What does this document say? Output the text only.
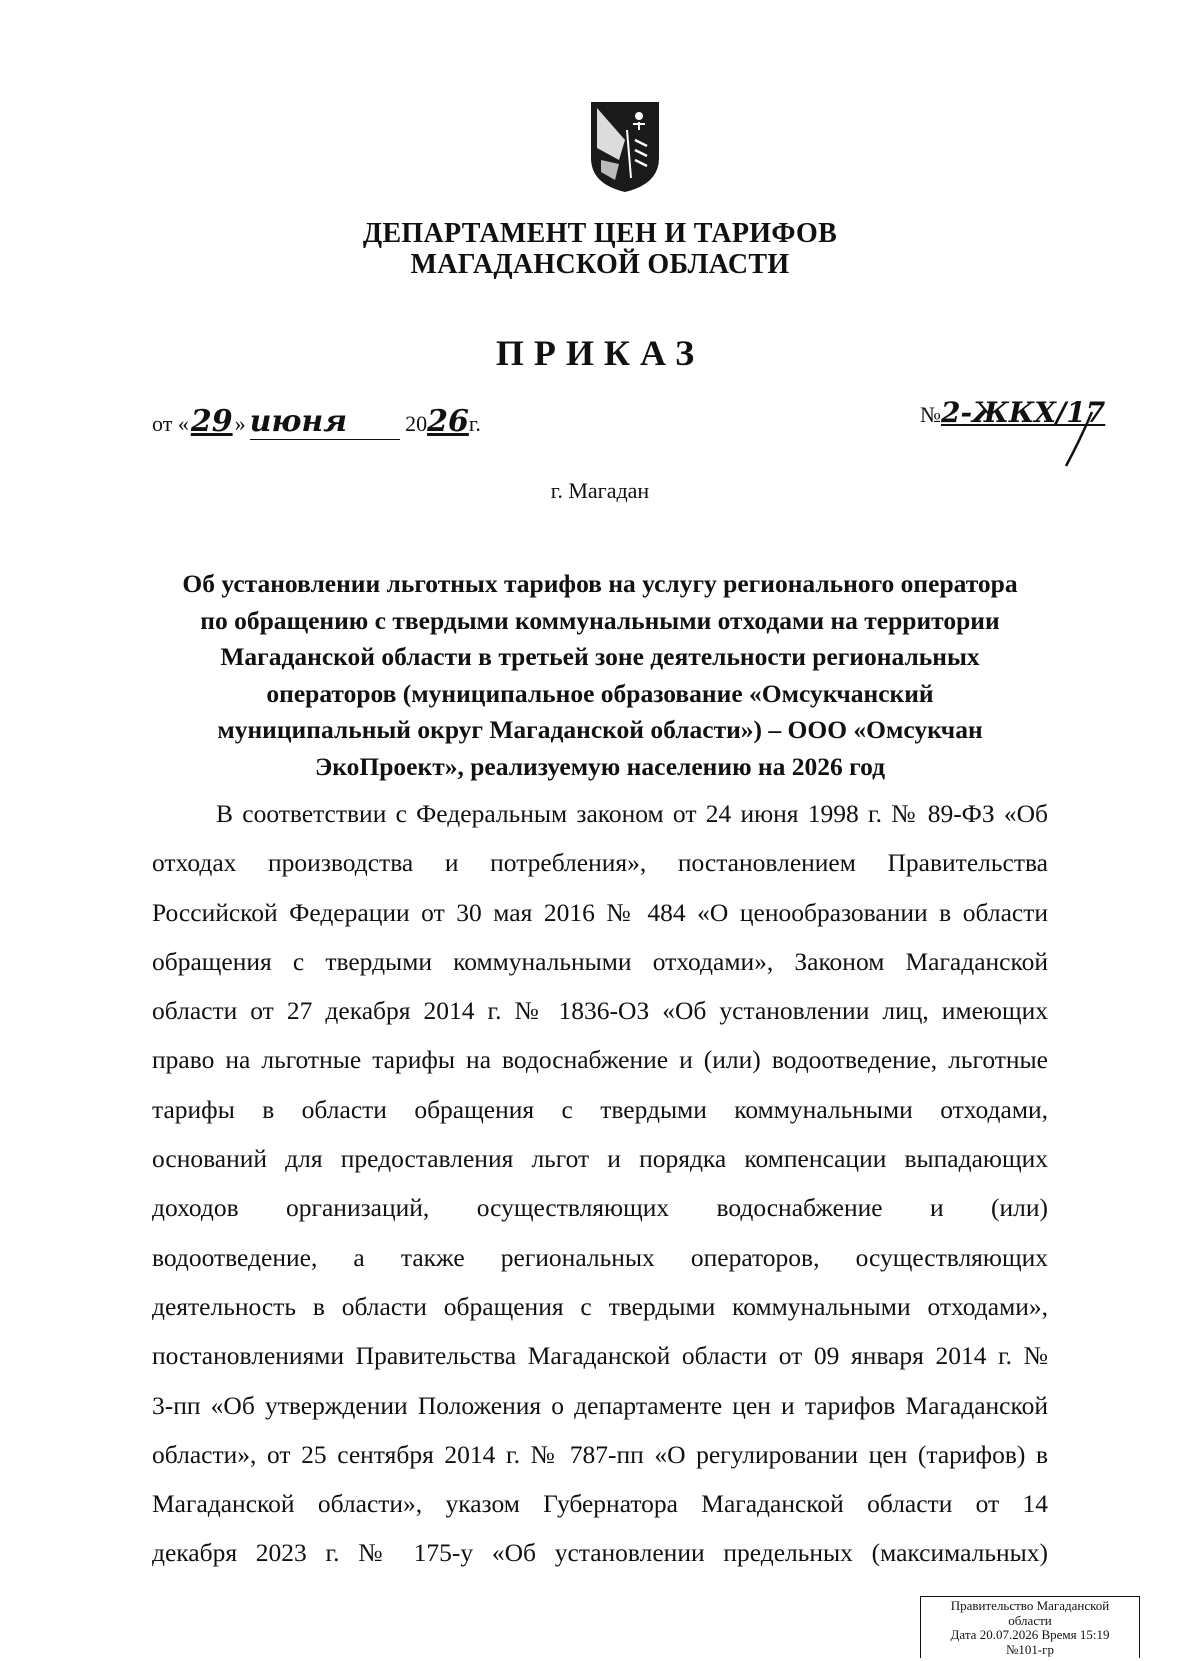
ДЕПАРТАМЕНТ ЦЕН И ТАРИФОВ
МАГАДАНСКОЙ ОБЛАСТИ
ПРИКАЗ
от «29» июня	2026г.	№2-ЖКХ/17
г. Магадан
Об установлении льготных тарифов на услугу регионального оператора
по обращению с твердыми коммунальными отходами на территории
Магаданской области в третьей зоне деятельности региональных
операторов (муниципальное образование «Омсукчанский
муниципальный округ Магаданской области») – ООО «Омсукчан
ЭкоПроект», реализуемую населению на 2026 год
В соответствии с Федеральным законом от 24 июня 1998 г. № 89-ФЗ «Об
отходах производства и потребления», постановлением Правительства
Российской Федерации от 30 мая 2016 № 484 «О ценообразовании в области
обращения с твердыми коммунальными отходами», Законом Магаданской
области от 27 декабря 2014 г. № 1836-ОЗ «Об установлении лиц, имеющих
право на льготные тарифы на водоснабжение и (или) водоотведение, льготные
тарифы в области обращения с твердыми коммунальными отходами,
оснований для предоставления льгот и порядка компенсации выпадающих
доходов организаций, осуществляющих водоснабжение и (или)
водоотведение, а также региональных операторов, осуществляющих
деятельность в области обращения с твердыми коммунальными отходами»,
постановлениями Правительства Магаданской области от 09 января 2014 г. №
3-пп «Об утверждении Положения о департаменте цен и тарифов Магаданской
области», от 25 сентября 2014 г. № 787-пп «О регулировании цен (тарифов) в
Магаданской области», указом Губернатора Магаданской области от 14
декабря 2023 г. № 175-у «Об установлении предельных (максимальных)
Правительство Магаданской
области
Дата 20.07.2026 Время 15:19
№101-гр
